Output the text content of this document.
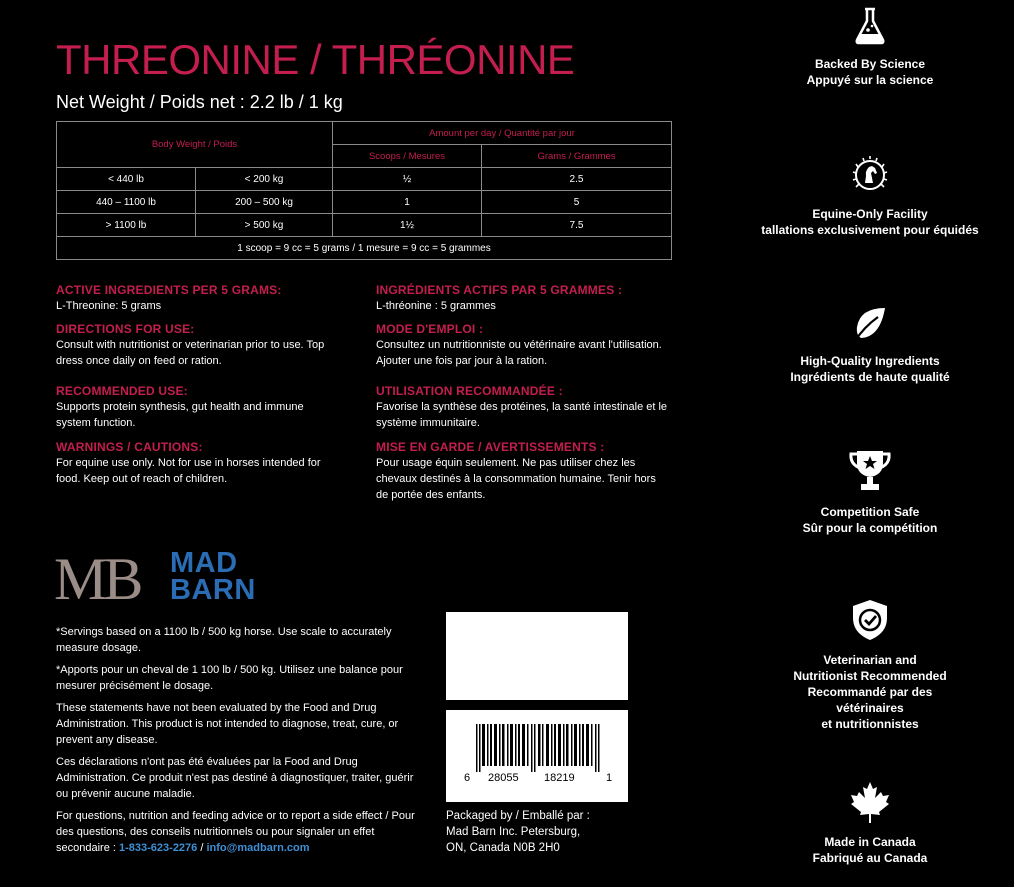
THREONINE / THRÉONINE
Net Weight / Poids net : 2.2 lb / 1 kg
Body Weight / Poids		Amount per day / Quantité par jour	
		Scoops / Mesures	Grams / Grammes
< 440 lb	< 200 kg	½	2.5
440 – 1100 lb	200 – 500 kg	1	5
> 1100 lb	> 500 kg	1½	7.5
1 scoop = 9 cc = 5 grams / 1 mesure = 9 cc = 5 grammes			
ACTIVE INGREDIENTS PER 5 GRAMS:

L-Threonine: 5 grams

DIRECTIONS FOR USE:

Consult with nutritionist or veterinarian prior to use. Top dress once daily on feed or ration.

RECOMMENDED USE:

Supports protein synthesis, gut health and immune system function.

WARNINGS / CAUTIONS:

For equine use only. Not for use in horses intended for food. Keep out of reach of children.

INGRÉDIENTS ACTIFS PAR 5 GRAMMES :

L-thréonine : 5 grammes

MODE D'EMPLOI :

Consultez un nutritionniste ou vétérinaire avant l'utilisation. Ajouter une fois par jour à la ration.

UTILISATION RECOMMANDÉE :

Favorise la synthèse des protéines, la santé intestinale et le système immunitaire.

MISE EN GARDE / AVERTISSEMENTS :

Pour usage équin seulement. Ne pas utiliser chez les chevaux destinés à la consommation humaine. Tenir hors de portée des enfants.

MB MAD
BARN

*Servings based on a 1100 lb / 500 kg horse. Use scale to accurately measure dosage.

*Apports pour un cheval de 1 100 lb / 500 kg. Utilisez une balance pour mesurer précisément le dosage.

These statements have not been evaluated by the Food and Drug Administration. This product is not intended to diagnose, treat, cure, or prevent any disease.

Ces déclarations n'ont pas été évaluées par la Food and Drug Administration. Ce produit n'est pas destiné à diagnostiquer, traiter, guérir ou prévenir aucune maladie.

For questions, nutrition and feeding advice or to report a side effect / Pour des questions, des conseils nutritionnels ou pour signaler un effet secondaire : 1-833-623-2276 / info@madbarn.com

6 28055 18219	1
Packaged by / Emballé par :
Mad Barn Inc. Petersburg,
ON, Canada N0B 2H0
Backed By Science
Appuyé sur la science
Equine-Only Facility
tallations exclusivement pour équidés
High-Quality Ingredients
Ingrédients de haute qualité
Competition Safe
Sûr pour la compétition
Veterinarian and
Nutritionist Recommended
Recommandé par des vétérinaires
et nutritionnistes
Made in Canada
Fabriqué au Canada
